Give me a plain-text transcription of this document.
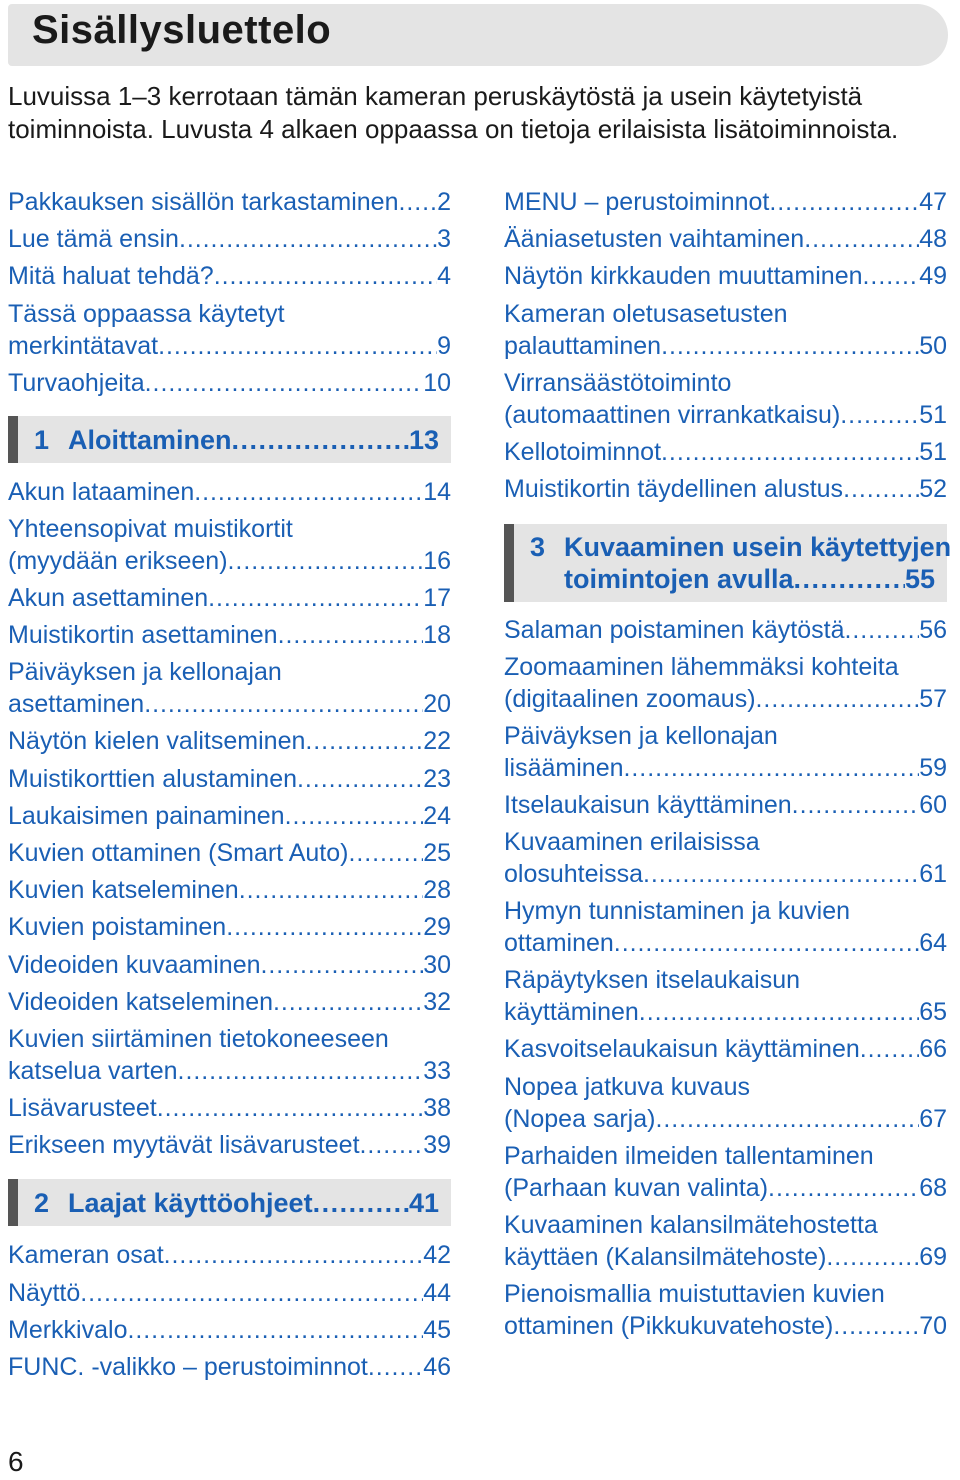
Sisällysluettelo
Luvuissa 1–3 kerrotaan tämän kameran peruskäytöstä ja usein käytetyistä toiminnoista. Luvusta 4 alkaen oppaassa on tietoja erilaisista lisätoiminnoista.
Pakkauksen sisällön tarkastaminen . . . 2
Lue tämä ensin . . .	3
Mitä haluat tehdä? . . .	4
Tässä oppaassa käytetyt
merkintätavat . . .	9
Turvaohjeita . . .	10
1 Aloittaminen . . .	13
Akun lataaminen . . .	14
Yhteensopivat muistikortit
(myydään erikseen) . . .	16
Akun asettaminen . . .	17
Muistikortin asettaminen . . .	18
Päiväyksen ja kellonajan
asettaminen . . .	20
Näytön kielen valitseminen . . .	22
Muistikorttien alustaminen . . .	23
Laukaisimen painaminen . . .	24
Kuvien ottaminen (Smart Auto) . . .	25
Kuvien katseleminen . . .	28
Kuvien poistaminen . . .	29
Videoiden kuvaaminen . . .	30
Videoiden katseleminen . . .	32
Kuvien siirtäminen tietokoneeseen
katselua varten . . .	33
Lisävarusteet . . .	38
Erikseen myytävät lisävarusteet . . .	39
2 Laajat käyttöohjeet . . .	41
Kameran osat . . .	42
Näyttö . . .	44
Merkkivalo . . .	45
FUNC. -valikko – perustoiminnot . . . 46
MENU – perustoiminnot . . .	47
Ääniasetusten vaihtaminen . . .	48
Näytön kirkkauden muuttaminen . . . 49
Kameran oletusasetusten
palauttaminen . . .	50
Virransäästötoiminto
(automaattinen virrankatkaisu) . . .	51
Kellotoiminnot . . .	51
Muistikortin täydellinen alustus . . .	52
3 Kuvaaminen usein käytettyjen
toimintojen avulla . . .	55
Salaman poistaminen käytöstä . . .	56
Zoomaaminen lähemmäksi kohteita
(digitaalinen zoomaus) . . .	57
Päiväyksen ja kellonajan
lisääminen . . .	59
Itselaukaisun käyttäminen . . .	60
Kuvaaminen erilaisissa
olosuhteissa . . .	61
Hymyn tunnistaminen ja kuvien
ottaminen . . .	64
Räpäytyksen itselaukaisun
käyttäminen . . .	65
Kasvoitselaukaisun käyttäminen . . . 66
Nopea jatkuva kuvaus
(Nopea sarja) . . .	67
Parhaiden ilmeiden tallentaminen
(Parhaan kuvan valinta) . . .	68
Kuvaaminen kalansilmätehostetta
käyttäen (Kalansilmätehoste) . . .	69
Pienoismallia muistuttavien kuvien
ottaminen (Pikkukuvatehoste) . . .	70
6
